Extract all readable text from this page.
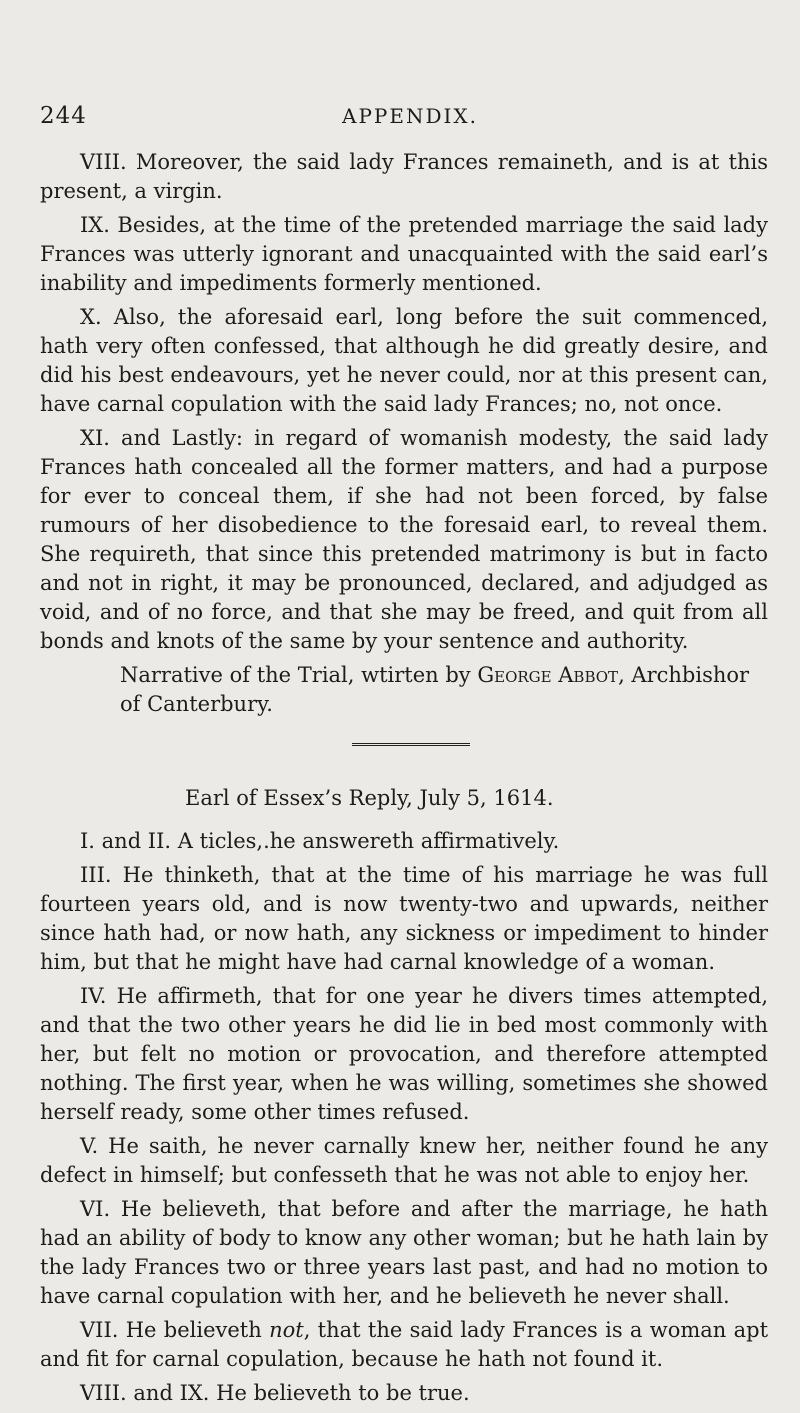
244	APPENDIX.

VIII. Moreover, the said lady Frances remaineth, and is at this present, a virgin.

IX. Besides, at the time of the pretended marriage the said lady Frances was utterly ignorant and unacquainted with the said earl’s inability and impediments formerly mentioned.

X. Also, the aforesaid earl, long before the suit commenced, hath very often confessed, that although he did greatly desire, and did his best endeavours, yet he never could, nor at this present can, have carnal copulation with the said lady Frances; no, not once.

XI. and Lastly: in regard of womanish modesty, the said lady Frances hath concealed all the former matters, and had a purpose for ever to conceal them, if she had not been forced, by false rumours of her disobedience to the foresaid earl, to reveal them. She requireth, that since this pretended matrimony is but in facto and not in right, it may be pronounced, declared, and adjudged as void, and of no force, and that she may be freed, and quit from all bonds and knots of the same by your sentence and authority.

Narrative of the Trial, wtirten by George Abbot, Archbishor of Canterbury.

Earl of Essex’s Reply, July 5, 1614.

I. and II. A ticles,.he answereth affirmatively.

III. He thinketh, that at the time of his marriage he was full fourteen years old, and is now twenty-two and upwards, neither since hath had, or now hath, any sickness or impediment to hinder him, but that he might have had carnal knowledge of a woman.

IV. He affirmeth, that for one year he divers times attempted, and that the two other years he did lie in bed most commonly with her, but felt no motion or provocation, and therefore attempted nothing. The first year, when he was willing, sometimes she showed herself ready, some other times refused.

V. He saith, he never carnally knew her, neither found he any defect in himself; but confesseth that he was not able to enjoy her.

VI. He believeth, that before and after the marriage, he hath had an ability of body to know any other woman; but he hath lain by the lady Frances two or three years last past, and had no motion to have carnal copulation with her, and he believeth he never shall.

VII. He believeth not, that the said lady Frances is a woman apt and fit for carnal copulation, because he hath not found it.

VIII. and IX. He believeth to be true.
